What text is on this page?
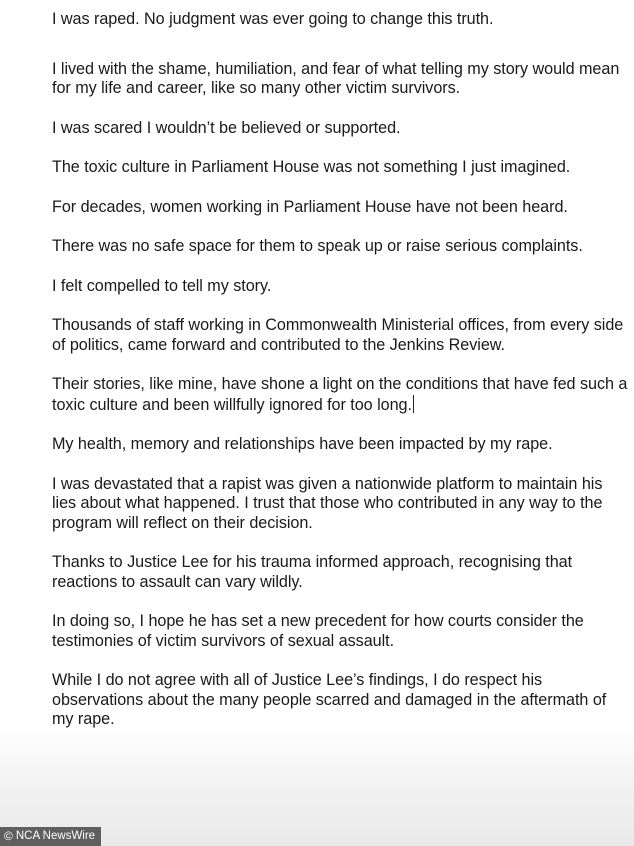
I was raped. No judgment was ever going to change this truth.

I lived with the shame, humiliation, and fear of what telling my story would mean for my life and career, like so many other victim survivors.

I was scared I wouldn’t be believed or supported.

The toxic culture in Parliament House was not something I just imagined.

For decades, women working in Parliament House have not been heard.

There was no safe space for them to speak up or raise serious complaints.

I felt compelled to tell my story.

Thousands of staff working in Commonwealth Ministerial offices, from every side of politics, came forward and contributed to the Jenkins Review.

Their stories, like mine, have shone a light on the conditions that have fed such a toxic culture and been willfully ignored for too long.

My health, memory and relationships have been impacted by my rape.

I was devastated that a rapist was given a nationwide platform to maintain his lies about what happened. I trust that those who contributed in any way to the program will reflect on their decision.

Thanks to Justice Lee for his trauma informed approach, recognising that reactions to assault can vary wildly.

In doing so, I hope he has set a new precedent for how courts consider the testimonies of victim survivors of sexual assault.

While I do not agree with all of Justice Lee’s findings, I do respect his observations about the many people scarred and damaged in the aftermath of my rape.

© NCA NewsWire
